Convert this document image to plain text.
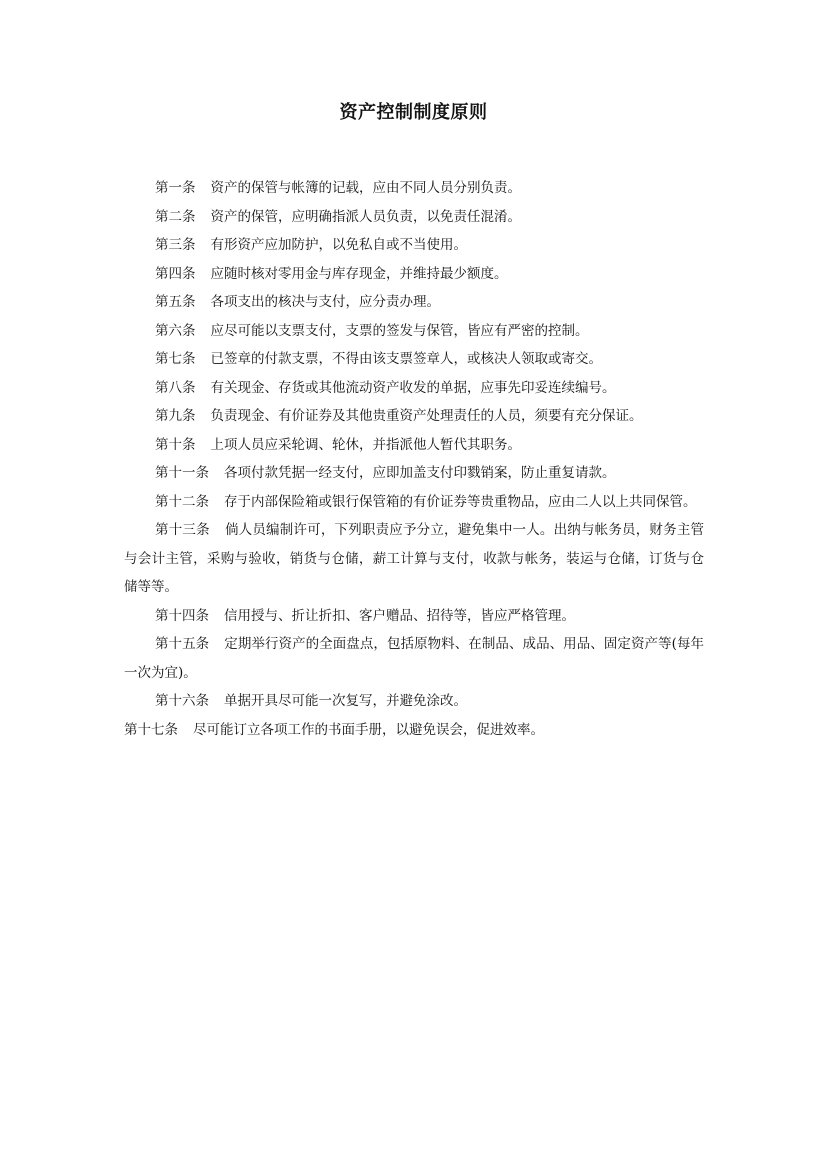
资产控制制度原则

第一条 资产的保管与帐簿的记载，应由不同人员分别负责。

第二条 资产的保管，应明确指派人员负责，以免责任混淆。

第三条 有形资产应加防护，以免私自或不当使用。

第四条 应随时核对零用金与库存现金，并维持最少额度。

第五条 各项支出的核决与支付，应分责办理。

第六条 应尽可能以支票支付，支票的签发与保管，皆应有严密的控制。

第七条 已签章的付款支票，不得由该支票签章人，或核决人领取或寄交。

第八条 有关现金、存货或其他流动资产收发的单据，应事先印妥连续编号。

第九条 负责现金、有价证券及其他贵重资产处理责任的人员，须要有充分保证。

第十条 上项人员应采轮调、轮休，并指派他人暂代其职务。

第十一条 各项付款凭据一经支付，应即加盖支付印戮销案，防止重复请款。

第十二条 存于内部保险箱或银行保管箱的有价证券等贵重物品，应由二人以上共同保管。

第十三条 倘人员编制许可，下列职责应予分立，避免集中一人。出纳与帐务员，财务主管与会计主管，采购与验收，销货与仓储，薪工计算与支付，收款与帐务，装运与仓储，订货与仓储等等。

第十四条 信用授与、折让折扣、客户赠品、招待等，皆应严格管理。

第十五条 定期举行资产的全面盘点，包括原物料、在制品、成品、用品、固定资产等(每年一次为宜)。

第十六条 单据开具尽可能一次复写，并避免涂改。

第十七条 尽可能订立各项工作的书面手册，以避免误会，促进效率。
